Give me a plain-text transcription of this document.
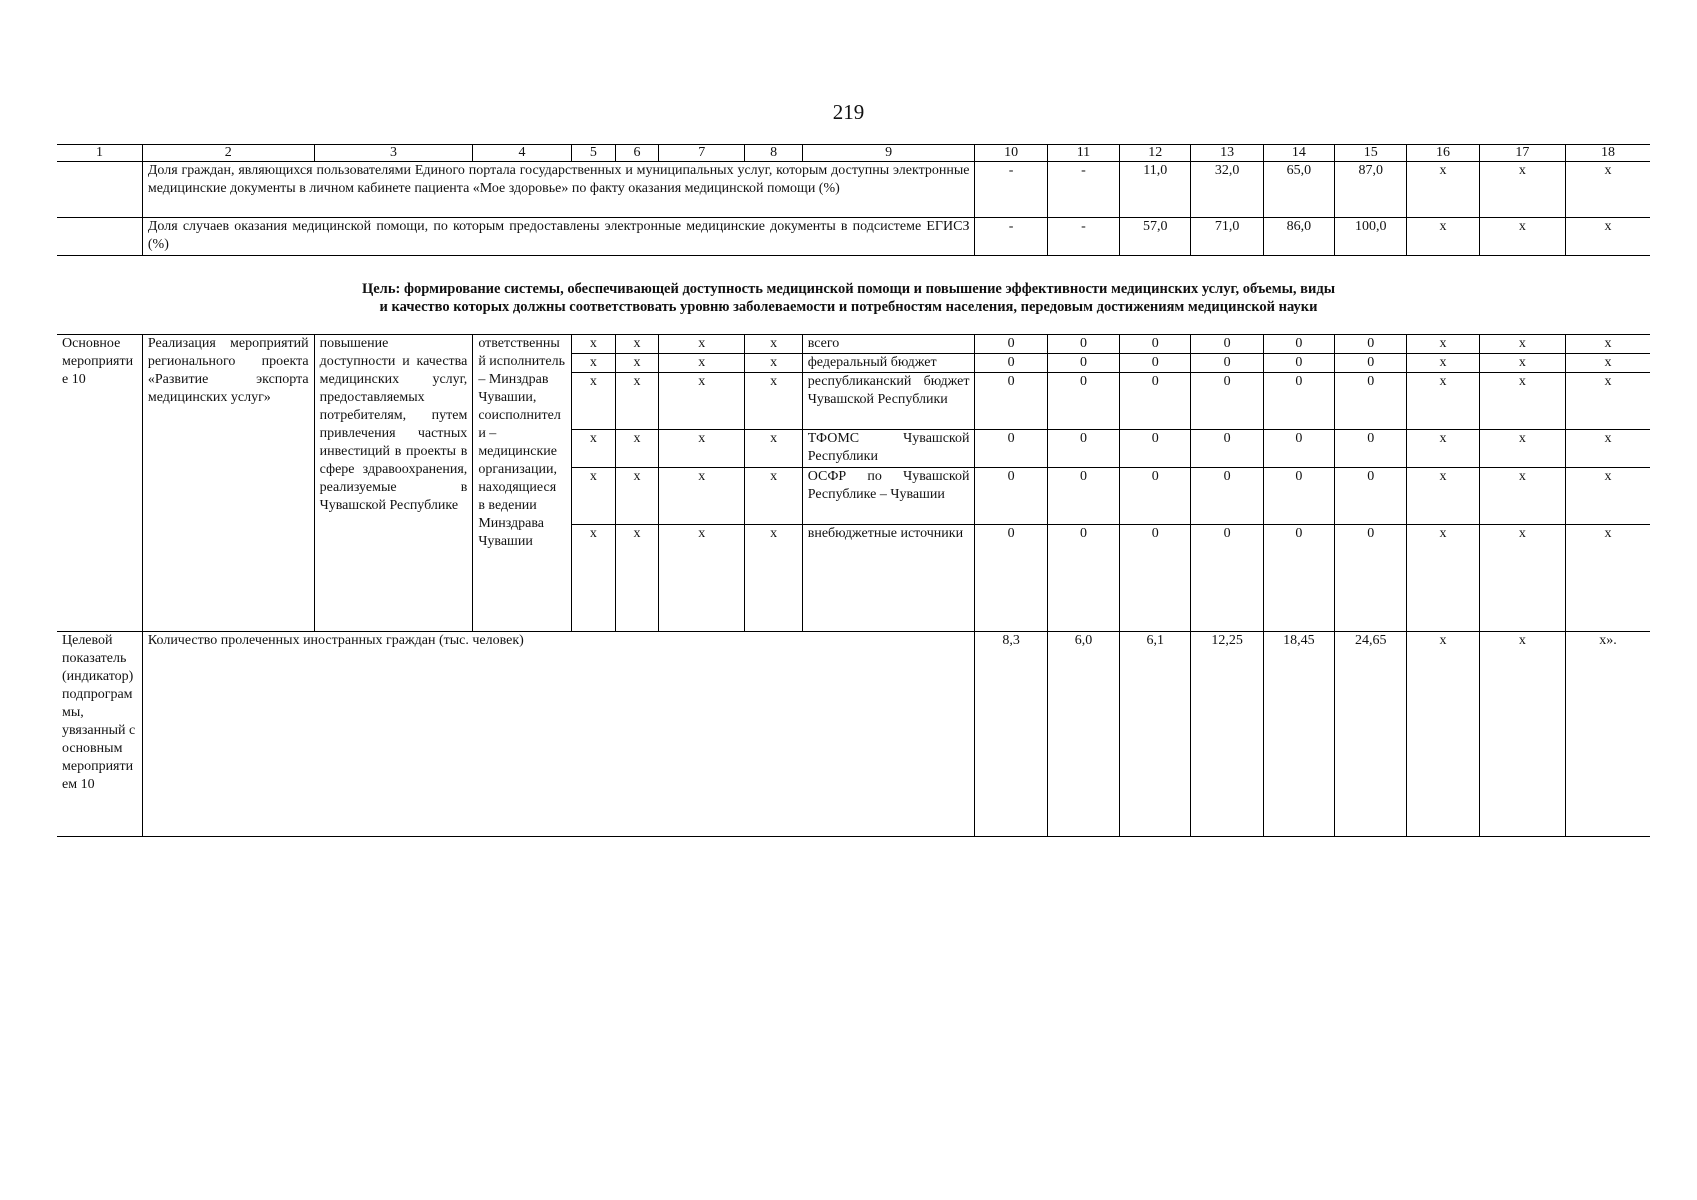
219
1	2	3	4	5	6	7	8	9	10	11	12	13	14	15	16	17	18
	Доля граждан, являющихся пользователями Единого портала государственных и муниципальных услуг, которым доступны электронные медицинские документы в личном кабинете пациента «Мое здоровье» по факту оказания медицинской помощи (%)								-	-	11,0	32,0	65,0	87,0	x	x	x
	Доля случаев оказания медицинской помощи, по которым предоставлены электронные медицинские документы в подсистеме ЕГИСЗ (%)								-	-	57,0	71,0	86,0	100,0	x	x	x
Цель: формирование системы, обеспечивающей доступность медицинской помощи и повышение эффективности медицинских услуг, объемы, виды
и качество которых должны соответствовать уровню заболеваемости и потребностям населения, передовым достижениям медицинской науки
Основное мероприятие 10	Реализация мероприятий регионального проекта «Развитие экспорта медицинских услуг»	повышение доступности и качества медицинских услуг, предоставляемых потребителям, путем привлечения частных инвестиций в проекты в сфере здравоохранения, реализуемые в Чувашской Республике	ответственный исполнитель – Минздрав Чувашии, соисполнители – медицинские организации, находящиеся в ведении Минздрава Чувашии	x	x	x	x	всего	0	0	0	0	0	0	x	x	x
				x	x	x	x	федеральный бюджет	0	0	0	0	0	0	x	x	x
				x	x	x	x	республиканский бюджет Чувашской Республики	0	0	0	0	0	0	x	x	x
				x	x	x	x	ТФОМС Чувашской Республики	0	0	0	0	0	0	x	x	x
				x	x	x	x	ОСФР по Чувашской Республике – Чувашии	0	0	0	0	0	0	x	x	x
				x	x	x	x	внебюджетные источники	0	0	0	0	0	0	x	x	x
Целевой показатель (индикатор) подпрограммы, увязанный с основным мероприятием 10	Количество пролеченных иностранных граждан (тыс. человек)								8,3	6,0	6,1	12,25	18,45	24,65	x	x	x».
